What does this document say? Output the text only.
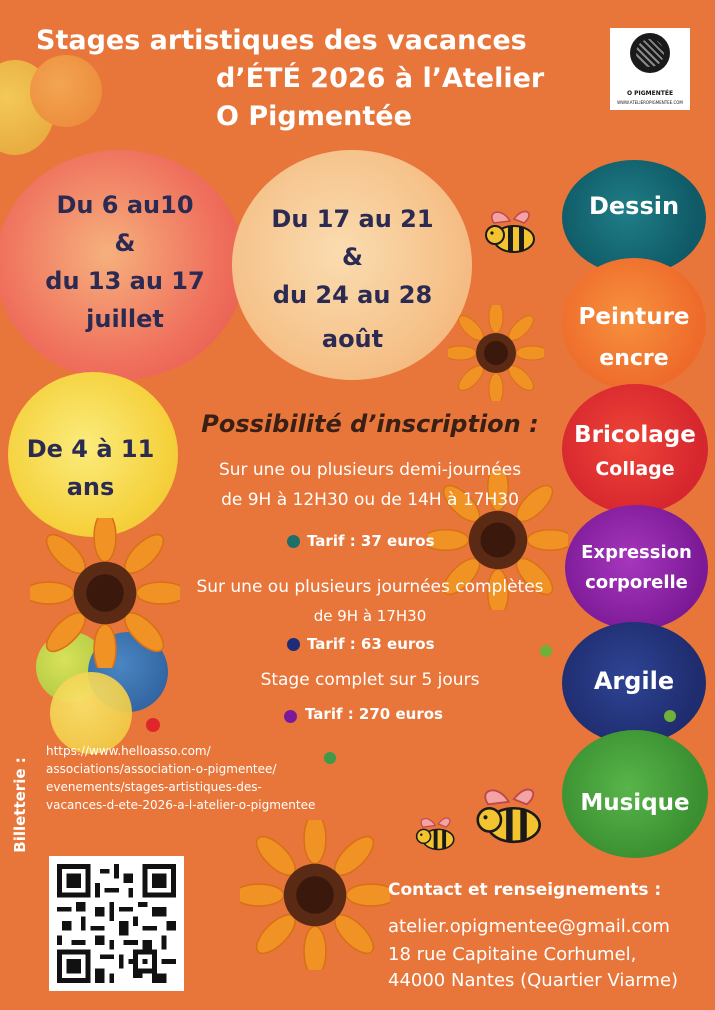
Stages artistiques des vacances
d’ÉTÉ 2026 à l’Atelier
O Pigmentée
O PIGMENTÉE
WWW.ATELIEROPIGMENTEE.COM
Du 6 au10
&
du 13 au 17
juillet
Du 17 au 21
&
du 24 au 28
août
De 4 à 11
ans
Possibilité d’inscription :
Sur une ou plusieurs demi-journées
de 9H à 12H30 ou de 14H à 17H30
Tarif : 37 euros
Sur une ou plusieurs journées complètes
de 9H à 17H30
Tarif : 63 euros
Stage complet sur 5 jours
Tarif : 270 euros
Dessin
Peinture
encre
Bricolage
Collage
Expression
corporelle
Argile
Musique
Billetterie :
https://www.helloasso.com/
associations/association-o-pigmentee/
evenements/stages-artistiques-des-
vacances-d-ete-2026-a-l-atelier-o-pigmentee
Contact et renseignements :
atelier.opigmentee@gmail.com
18 rue Capitaine Corhumel,
44000 Nantes (Quartier Viarme)
